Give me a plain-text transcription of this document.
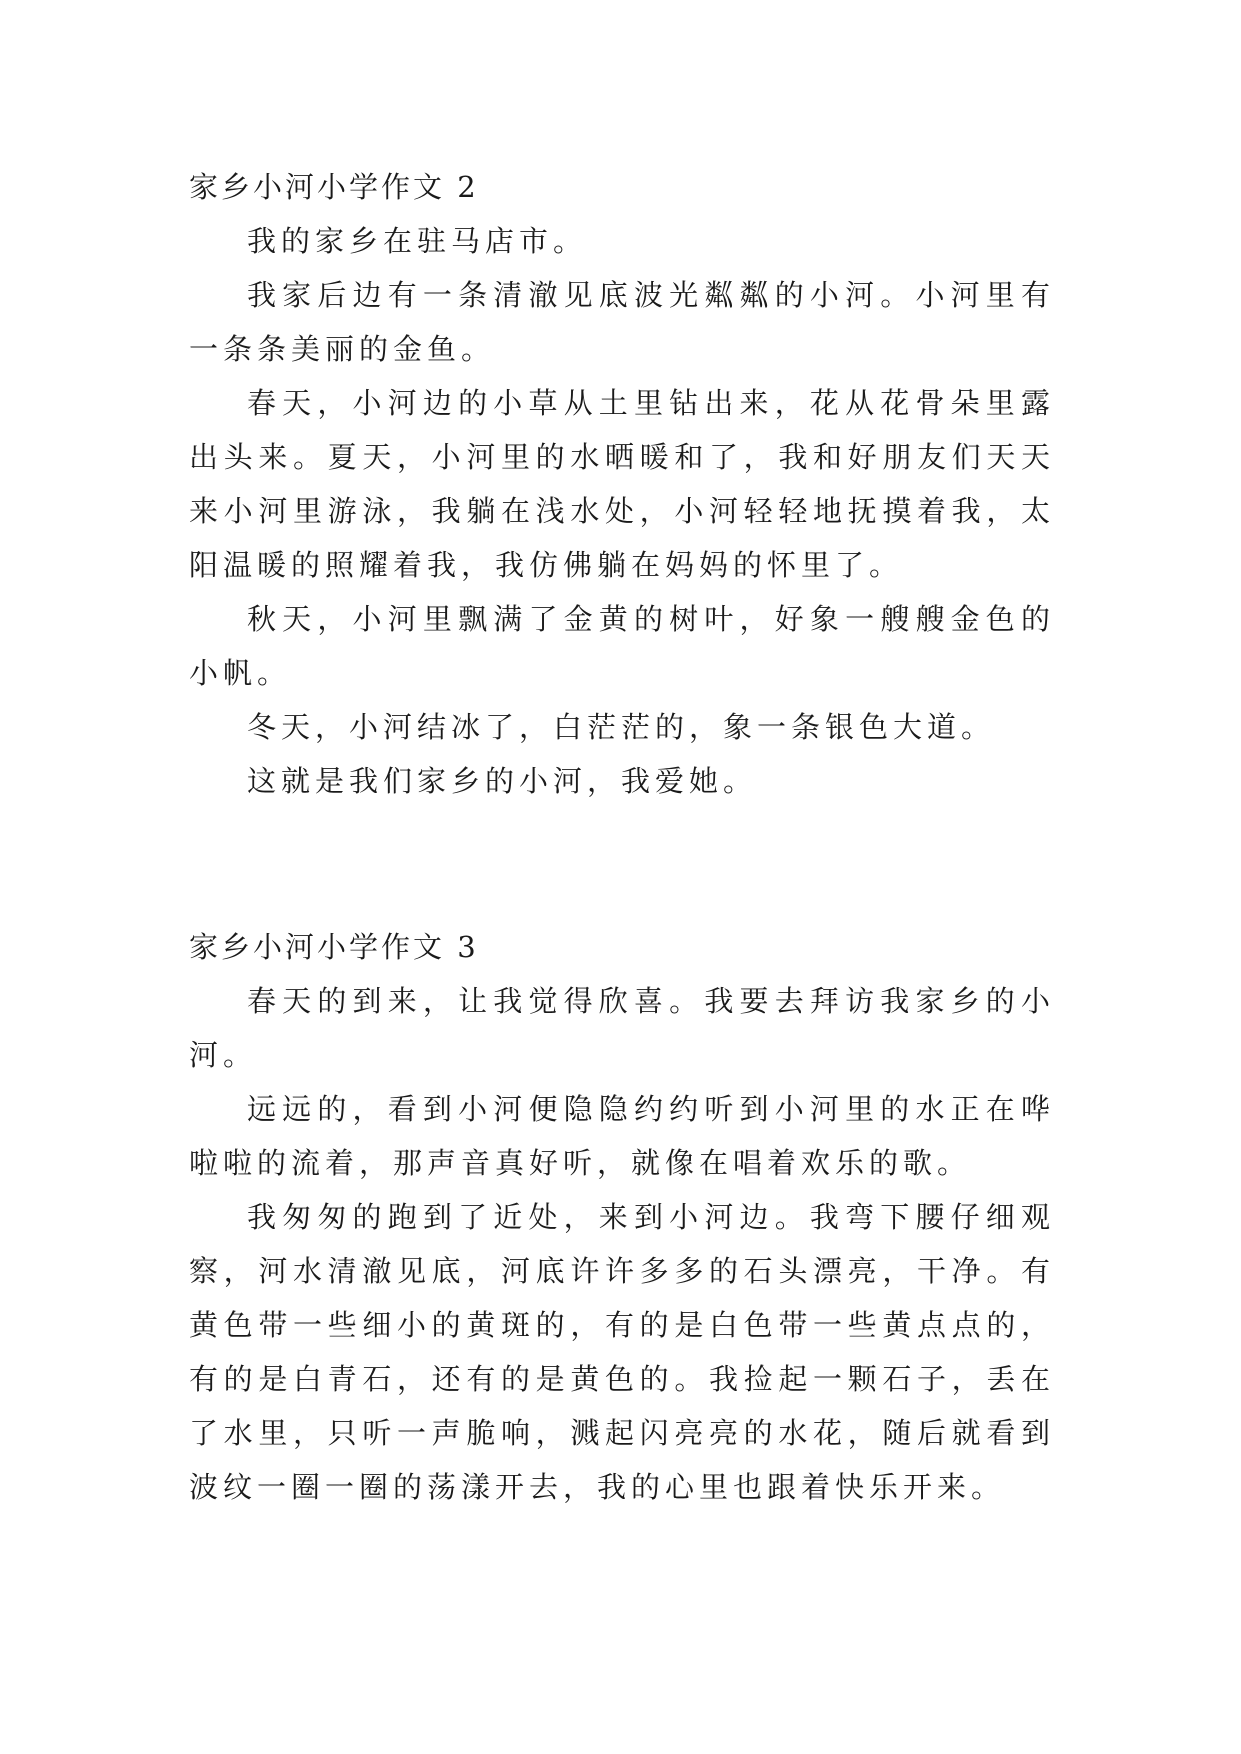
家乡小河小学作文 2

我的家乡在驻马店市。

我家后边有一条清澈见底波光粼粼的小河。小河里有一条条美丽的金鱼。

春天，小河边的小草从土里钻出来，花从花骨朵里露出头来。夏天，小河里的水晒暖和了，我和好朋友们天天来小河里游泳，我躺在浅水处，小河轻轻地抚摸着我，太阳温暖的照耀着我，我仿佛躺在妈妈的怀里了。

秋天，小河里飘满了金黄的树叶，好象一艘艘金色的小帆。

冬天，小河结冰了，白茫茫的，象一条银色大道。

这就是我们家乡的小河，我爱她。

家乡小河小学作文 3

春天的到来，让我觉得欣喜。我要去拜访我家乡的小河。

远远的，看到小河便隐隐约约听到小河里的水正在哗啦啦的流着，那声音真好听，就像在唱着欢乐的歌。

我匆匆的跑到了近处，来到小河边。我弯下腰仔细观察，河水清澈见底，河底许许多多的石头漂亮，干净。有黄色带一些细小的黄斑的，有的是白色带一些黄点点的，有的是白青石，还有的是黄色的。我捡起一颗石子，丢在了水里，只听一声脆响，溅起闪亮亮的水花，随后就看到波纹一圈一圈的荡漾开去，我的心里也跟着快乐开来。
